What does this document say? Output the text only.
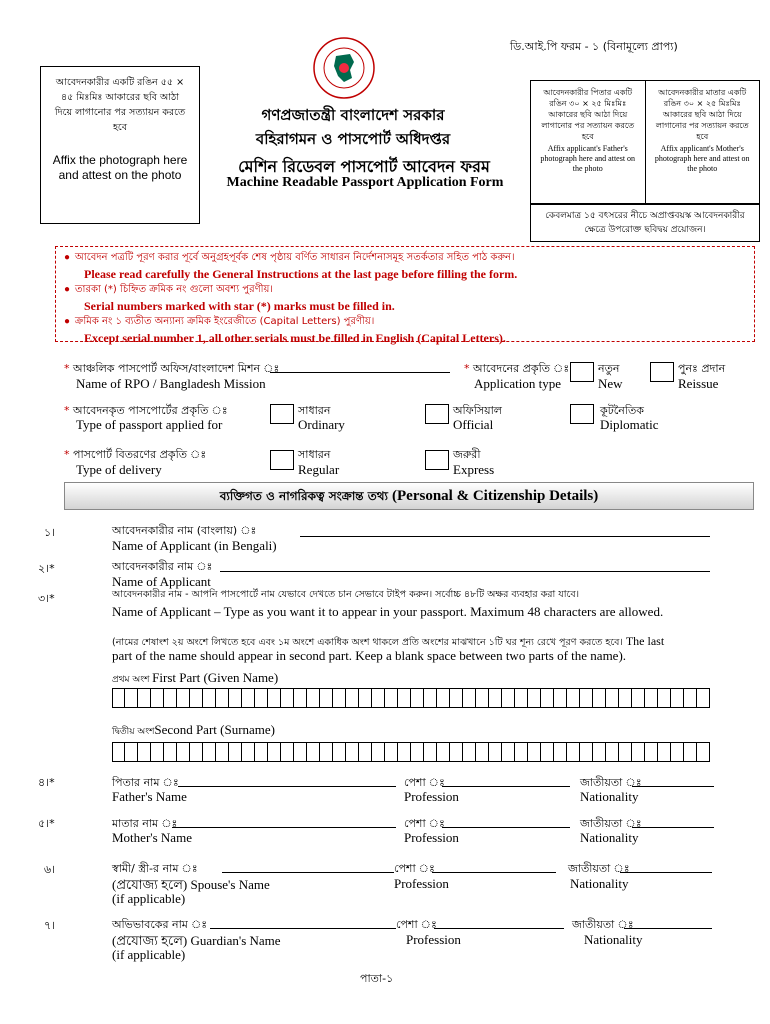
ডি.আই.পি ফরম - ১ (বিনামূল্যে প্রাপ্য)
গণপ্রজাতন্ত্রী বাংলাদেশ সরকার
বহিরাগমন ও পাসপোর্ট অধিদপ্তর
মেশিন রিডেবল পাসপোর্ট আবেদন ফরম
Machine Readable Passport Application Form
আবেদনকারীর একটি রঙিন ৫৫ × ৪৫ মিঃমিঃ আকারের ছবি আঠা দিয়ে লাগানোর পর সত্যায়ন করতে হবে
Affix the photograph here and attest on the photo
আবেদনকারীর পিতার একটি রঙিন ৩০ × ২৫ মিঃমিঃ আকারের ছবি আঠা দিয়ে লাগানোর পর সত্যায়ন করতে হবে
Affix applicant's Father's photograph here and attest on the photo
আবেদনকারীর মাতার একটি রঙিন ৩০ × ২৫ মিঃমিঃ আকারের ছবি আঠা দিয়ে লাগানোর পর সত্যায়ন করতে হবে
Affix applicant's Mother's photograph here and attest on the photo
কেবলমাত্র ১৫ বৎসরের নীচে অপ্রাপ্তবয়স্ক আবেদনকারীর ক্ষেত্রে উপরোক্ত ছবিদ্বয় প্রয়োজন।
●  আবেদন পত্রটি পূরণ করার পূর্বে অনুগ্রহপূর্বক শেষ পৃষ্ঠায় বর্ণিত সাধারন নির্দেশনাসমূহ সতর্কতার সহিত পাঠ করুন।
Please read carefully the General Instructions at the last page before filling the form.
●  তারকা (*) চিহ্নিত ক্রমিক নং গুলো অবশ্য পুরণীয়।
Serial numbers marked with star (*) marks must be filled in.
●  ক্রমিক নং ১ ব্যতীত অন্যান্য ক্রমিক ইংরেজীতে (Capital Letters) পুরণীয়।
Except serial number 1, all other serials must be filled in English (Capital Letters).
* আঞ্চলিক পাসপোর্ট অফিস/বাংলাদেশ মিশন ঃ
Name of RPO / Bangladesh Mission
* আবেদনের প্রকৃতি ঃ
Application type
নতুন
New
পুনঃ প্রদান
Reissue
* আবেদনকৃত পাসপোর্টের প্রকৃতি ঃ
Type of passport applied for
সাধারন
Ordinary
অফিসিয়াল
Official
কূটনৈতিক
Diplomatic
* পাসপোর্ট বিতরণের প্রকৃতি ঃ
Type of delivery
সাধারন
Regular
জরুরী
Express
ব্যক্তিগত ও নাগরিকত্ব সংক্রান্ত তথ্য (Personal & Citizenship Details)
১।	আবেদনকারীর নাম (বাংলায়) ঃ
Name of Applicant (in Bengali)
২।*	আবেদনকারীর নাম ঃ
Name of Applicant
৩।*	আবেদনকারীর নাম - আপনি পাসপোর্টে নাম যেভাবে দেখতে চান সেভাবে টাইপ করুন। সর্বোচ্চ ৪৮টি অক্ষর ব্যবহার করা যাবে।
Name of Applicant – Type as you want it to appear in your passport. Maximum 48 characters are allowed.
(নামের শেষাংশ ২য় অংশে লিখতে হবে এবং ১ম অংশে একাধিক অংশ থাকলে প্রতি অংশের মাঝখানে ১টি ঘর শূন্য রেখে পূরণ করতে হবে। The last
part of the name should appear in second part. Keep a blank space between two parts of the name).
প্রথম অংশ First Part (Given Name)
দ্বিতীয় অংশSecond Part (Surname)
৪।*	পিতার নাম ঃ
Father's Name
পেশা ঃ
Profession
জাতীয়তা ঃ
Nationality
৫।*	মাতার নাম ঃ
Mother's Name
পেশা ঃ
Profession
জাতীয়তা ঃ
Nationality
৬।	স্বামী/ স্ত্রী-র নাম ঃ
(প্রযোজ্য হলে) Spouse's Name
(if applicable)
পেশা ঃ
Profession
জাতীয়তা ঃ
Nationality
৭।	অভিভাবকের নাম ঃ
(প্রযোজ্য হলে) Guardian's Name
(if applicable)
পেশা ঃ
Profession
জাতীয়তা ঃ
Nationality
পাতা-১
